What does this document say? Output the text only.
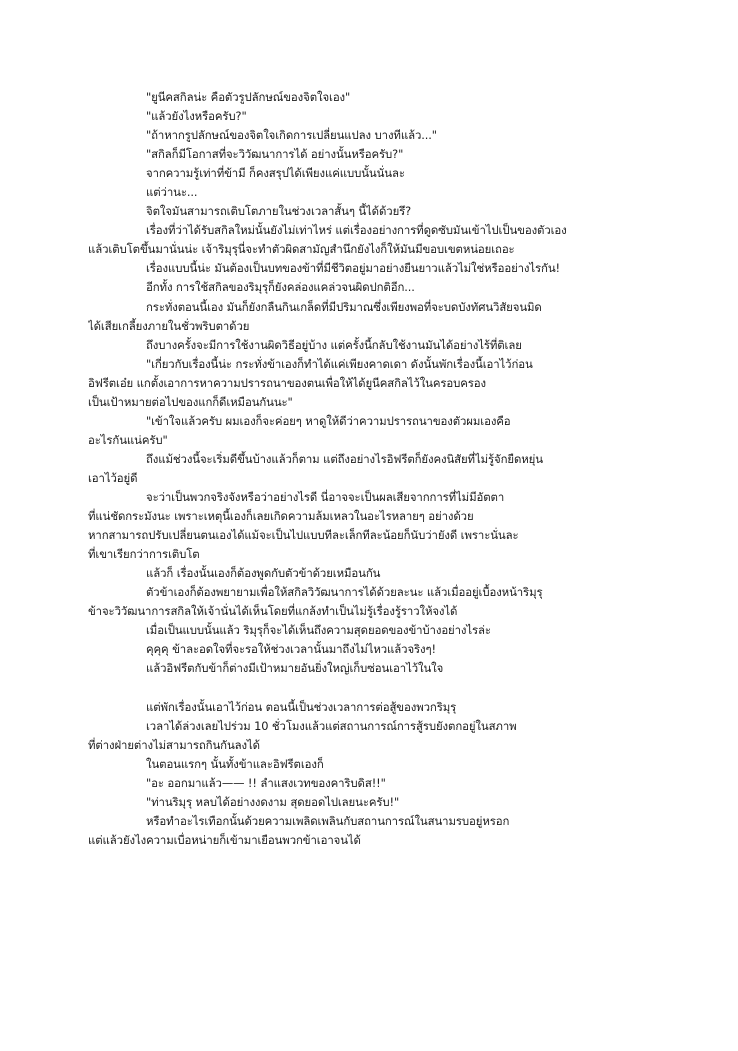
"ยูนีคสกิลน่ะ คือตัวรูปลักษณ์ของจิตใจเอง"
"แล้วยังไงหรือครับ?"
"ถ้าหากรูปลักษณ์ของจิตใจเกิดการเปลี่ยนแปลง บางทีแล้ว..."
"สกิลก็มีโอกาสที่จะวิวัฒนาการได้ อย่างนั้นหรือครับ?"
จากความรู้เท่าที่ข้ามี ก็คงสรุปได้เพียงแค่แบบนั้นนั่นละ
แต่ว่านะ...
จิตใจมันสามารถเติบโตภายในช่วงเวลาสั้นๆ นี้ได้ด้วยรึ?
เรื่องที่ว่าได้รับสกิลใหม่นั้นยังไม่เท่าไหร่ แต่เรื่องอย่างการที่ดูดซับมันเข้าไปเป็นของตัวเอง
แล้วเติบโตขึ้นมานั่นน่ะ เจ้าริมุรุนี่จะทำตัวผิดสามัญสำนึกยังไงก็ให้มันมีขอบเขตหน่อยเถอะ
เรื่องแบบนี้น่ะ มันต้องเป็นบทของข้าที่มีชีวิตอยู่มาอย่างยืนยาวแล้วไม่ใช่หรืออย่างไรกัน!
อีกทั้ง การใช้สกิลของริมุรุก็ยังคล่องแคล่วจนผิดปกติอีก...
กระทั่งตอนนี้เอง มันก็ยังกลืนกินเกล็ดที่มีปริมาณซึ่งเพียงพอที่จะบดบังทัศนวิสัยจนมิด
ได้เสียเกลี้ยงภายในชั่วพริบตาด้วย
ถึงบางครั้งจะมีการใช้งานผิดวิธีอยู่บ้าง แต่ครั้งนี้กลับใช้งานมันได้อย่างไร้ที่ติเลย
"เกี่ยวกับเรื่องนี้น่ะ กระทั่งข้าเองก็ทำได้แค่เพียงคาดเดา ดังนั้นพักเรื่องนี้เอาไว้ก่อน
อิฟรีตเอ๋ย แกตั้งเอาการหาความปรารถนาของตนเพื่อให้ได้ยูนีคสกิลไว้ในครอบครอง
เป็นเป้าหมายต่อไปของแกก็ดีเหมือนกันนะ"
"เข้าใจแล้วครับ ผมเองก็จะค่อยๆ หาดูให้ดีว่าความปรารถนาของตัวผมเองคือ
อะไรกันแน่ครับ"
ถึงแม้ช่วงนี้จะเริ่มดีขึ้นบ้างแล้วก็ตาม แต่ถึงอย่างไรอิฟรีตก็ยังคงนิสัยที่ไม่รู้จักยืดหยุ่น
เอาไว้อยู่ดี
จะว่าเป็นพวกจริงจังหรือว่าอย่างไรดี นี่อาจจะเป็นผลเสียจากการที่ไม่มีอัตตา
ที่แน่ชัดกระมังนะ เพราะเหตุนี้เองก็เลยเกิดความล้มเหลวในอะไรหลายๆ อย่างด้วย
หากสามารถปรับเปลี่ยนตนเองได้แม้จะเป็นไปแบบทีละเล็กทีละน้อยก็นับว่ายังดี เพราะนั่นละ
ที่เขาเรียกว่าการเติบโต
แล้วก็ เรื่องนั้นเองก็ต้องพูดกับตัวข้าด้วยเหมือนกัน
ตัวข้าเองก็ต้องพยายามเพื่อให้สกิลวิวัฒนาการได้ด้วยละนะ แล้วเมื่ออยู่เบื้องหน้าริมุรุ
ข้าจะวิวัฒนาการสกิลให้เจ้านั่นได้เห็นโดยที่แกล้งทำเป็นไม่รู้เรื่องรู้ราวให้จงได้
เมื่อเป็นแบบนั้นแล้ว ริมุรุก็จะได้เห็นถึงความสุดยอดของข้าบ้างอย่างไรล่ะ
คุคุคุ ข้าละอดใจที่จะรอให้ช่วงเวลานั้นมาถึงไม่ไหวแล้วจริงๆ!
แล้วอิฟรีตกับข้าก็ต่างมีเป้าหมายอันยิ่งใหญ่เก็บซ่อนเอาไว้ในใจ
แต่พักเรื่องนั้นเอาไว้ก่อน ตอนนี้เป็นช่วงเวลาการต่อสู้ของพวกริมุรุ
เวลาได้ล่วงเลยไปร่วม 10 ชั่วโมงแล้วแต่สถานการณ์การสู้รบยังตกอยู่ในสภาพ
ที่ต่างฝ่ายต่างไม่สามารถกินกันลงได้
ในตอนแรกๆ นั้นทั้งข้าและอิฟรีตเองก็
"อะ ออกมาแล้ว—— !! ลำแสงเวทของคาริบดิส!!"
"ท่านริมุรุ หลบได้อย่างงดงาม สุดยอดไปเลยนะครับ!"
หรือทำอะไรเทือกนั้นด้วยความเพลิดเพลินกับสถานการณ์ในสนามรบอยู่หรอก
แต่แล้วยังไงความเบื่อหน่ายก็เข้ามาเยือนพวกข้าเอาจนได้
